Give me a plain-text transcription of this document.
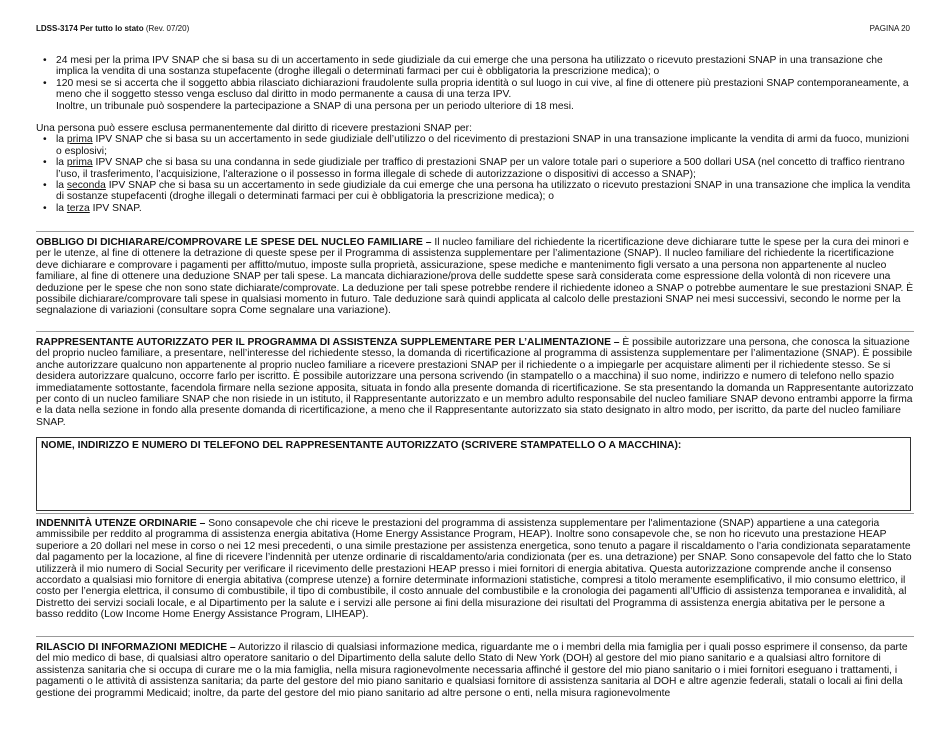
LDSS-3174 Per tutto lo stato (Rev. 07/20)	PAGINA 20
• 24 mesi per la prima IPV SNAP che si basa su di un accertamento in sede giudiziale da cui emerge che una persona ha utilizzato o ricevuto prestazioni SNAP in una transazione che implica la vendita di una sostanza stupefacente (droghe illegali o determinati farmaci per cui è obbligatoria la prescrizione medica); o
• 120 mesi se si accerta che il soggetto abbia rilasciato dichiarazioni fraudolente sulla propria identità o sul luogo in cui vive, al fine di ottenere più prestazioni SNAP contemporaneamente, a meno che il soggetto stesso venga escluso dal diritto in modo permanente a causa di una terza IPV.
Inoltre, un tribunale può sospendere la partecipazione a SNAP di una persona per un periodo ulteriore di 18 mesi.
Una persona può essere esclusa permanentemente dal diritto di ricevere prestazioni SNAP per:
• la prima IPV SNAP che si basa su un accertamento in sede giudiziale dell’utilizzo o del ricevimento di prestazioni SNAP in una transazione implicante la vendita di armi da fuoco, munizioni o esplosivi;
• la prima IPV SNAP che si basa su una condanna in sede giudiziale per traffico di prestazioni SNAP per un valore totale pari o superiore a 500 dollari USA (nel concetto di traffico rientrano l’uso, il trasferimento, l’acquisizione, l’alterazione o il possesso in forma illegale di schede di autorizzazione o dispositivi di accesso a SNAP);
• la seconda IPV SNAP che si basa su un accertamento in sede giudiziale da cui emerge che una persona ha utilizzato o ricevuto prestazioni SNAP in una transazione che implica la vendita di sostanze stupefacenti (droghe illegali o determinati farmaci per cui è obbligatoria la prescrizione medica); o
• la terza IPV SNAP.
OBBLIGO DI DICHIARARE/COMPROVARE LE SPESE DEL NUCLEO FAMILIARE – Il nucleo familiare del richiedente la ricertificazione deve dichiarare tutte le spese per la cura dei minori e per le utenze, al fine di ottenere la detrazione di queste spese per il Programma di assistenza supplementare per l’alimentazione (SNAP). Il nucleo familiare del richiedente la ricertificazione deve dichiarare e comprovare i pagamenti per affitto/mutuo, imposte sulla proprietà, assicurazione, spese mediche e mantenimento figli versato a una persona non appartenente al nucleo familiare, al fine di ottenere una deduzione SNAP per tali spese. La mancata dichiarazione/prova delle suddette spese sarà considerata come espressione della volontà di non ricevere una deduzione per le spese che non sono state dichiarate/comprovate. La deduzione per tali spese potrebbe rendere il richiedente idoneo a SNAP o potrebbe aumentare le sue prestazioni SNAP. È possibile dichiarare/comprovare tali spese in qualsiasi momento in futuro. Tale deduzione sarà quindi applicata al calcolo delle prestazioni SNAP nei mesi successivi, secondo le norme per la segnalazione di variazioni (consultare sopra Come segnalare una variazione).
RAPPRESENTANTE AUTORIZZATO PER IL PROGRAMMA DI ASSISTENZA SUPPLEMENTARE PER L’ALIMENTAZIONE – È possibile autorizzare una persona, che conosca la situazione del proprio nucleo familiare, a presentare, nell’interesse del richiedente stesso, la domanda di ricertificazione al programma di assistenza supplementare per l’alimentazione (SNAP). È possibile anche autorizzare qualcuno non appartenente al proprio nucleo familiare a ricevere prestazioni SNAP per il richiedente o a impiegarle per acquistare alimenti per il richiedente stesso. Se si desidera autorizzare qualcuno, occorre farlo per iscritto. È possibile autorizzare una persona scrivendo (in stampatello o a macchina) il suo nome, indirizzo e numero di telefono nello spazio immediatamente sottostante, facendola firmare nella sezione apposita, situata in fondo alla presente domanda di ricertificazione. Se sta presentando la domanda un Rappresentante autorizzato per conto di un nucleo familiare SNAP che non risiede in un istituto, il Rappresentante autorizzato e un membro adulto responsabile del nucleo familiare SNAP devono entrambi apporre la firma e la data nella sezione in fondo alla presente domanda di ricertificazione, a meno che il Rappresentante autorizzato sia stato designato in altro modo, per iscritto, da parte del nucleo familiare SNAP.
NOME, INDIRIZZO E NUMERO DI TELEFONO DEL RAPPRESENTANTE AUTORIZZATO (SCRIVERE STAMPATELLO O A MACCHINA):
INDENNITÀ UTENZE ORDINARIE – Sono consapevole che chi riceve le prestazioni del programma di assistenza supplementare per l'alimentazione (SNAP) appartiene a una categoria ammissibile per reddito al programma di assistenza energia abitativa (Home Energy Assistance Program, HEAP). Inoltre sono consapevole che, se non ho ricevuto una prestazione HEAP superiore a 20 dollari nel mese in corso o nei 12 mesi precedenti, o una simile prestazione per assistenza energetica, sono tenuto a pagare il riscaldamento o l’aria condizionata separatamente dal pagamento per la locazione, al fine di ricevere l’indennità per utenze ordinarie di riscaldamento/aria condizionata (per es. una detrazione) per SNAP. Sono consapevole del fatto che lo Stato utilizzerà il mio numero di Social Security per verificare il ricevimento delle prestazioni HEAP presso i miei fornitori di energia abitativa. Questa autorizzazione comprende anche il consenso accordato a qualsiasi mio fornitore di energia abitativa (comprese utenze) a fornire determinate informazioni statistiche, compresi a titolo meramente esemplificativo, il mio consumo elettrico, il costo per l’energia elettrica, il consumo di combustibile, il tipo di combustibile, il costo annuale del combustibile e la cronologia dei pagamenti all’Ufficio di assistenza temporanea e invalidità, al Distretto dei servizi sociali locale, e al Dipartimento per la salute e i servizi alle persone ai fini della misurazione dei risultati del Programma di assistenza energia abitativa per le persone a basso reddito (Low Income Home Energy Assistance Program, LIHEAP).
RILASCIO DI INFORMAZIONI MEDICHE – Autorizzo il rilascio di qualsiasi informazione medica, riguardante me o i membri della mia famiglia per i quali posso esprimere il consenso, da parte del mio medico di base, di qualsiasi altro operatore sanitario o del Dipartimento della salute dello Stato di New York (DOH) al gestore del mio piano sanitario e a qualsiasi altro fornitore di assistenza sanitaria che si occupa di curare me o la mia famiglia, nella misura ragionevolmente necessaria affinché il gestore del mio piano sanitario o i miei fornitori eseguano i trattamenti, i pagamenti o le attività di assistenza sanitaria; da parte del gestore del mio piano sanitario e qualsiasi fornitore di assistenza sanitaria al DOH e altre agenzie federali, statali o locali ai fini della gestione dei programmi Medicaid; inoltre, da parte del gestore del mio piano sanitario ad altre persone o enti, nella misura ragionevolmente
